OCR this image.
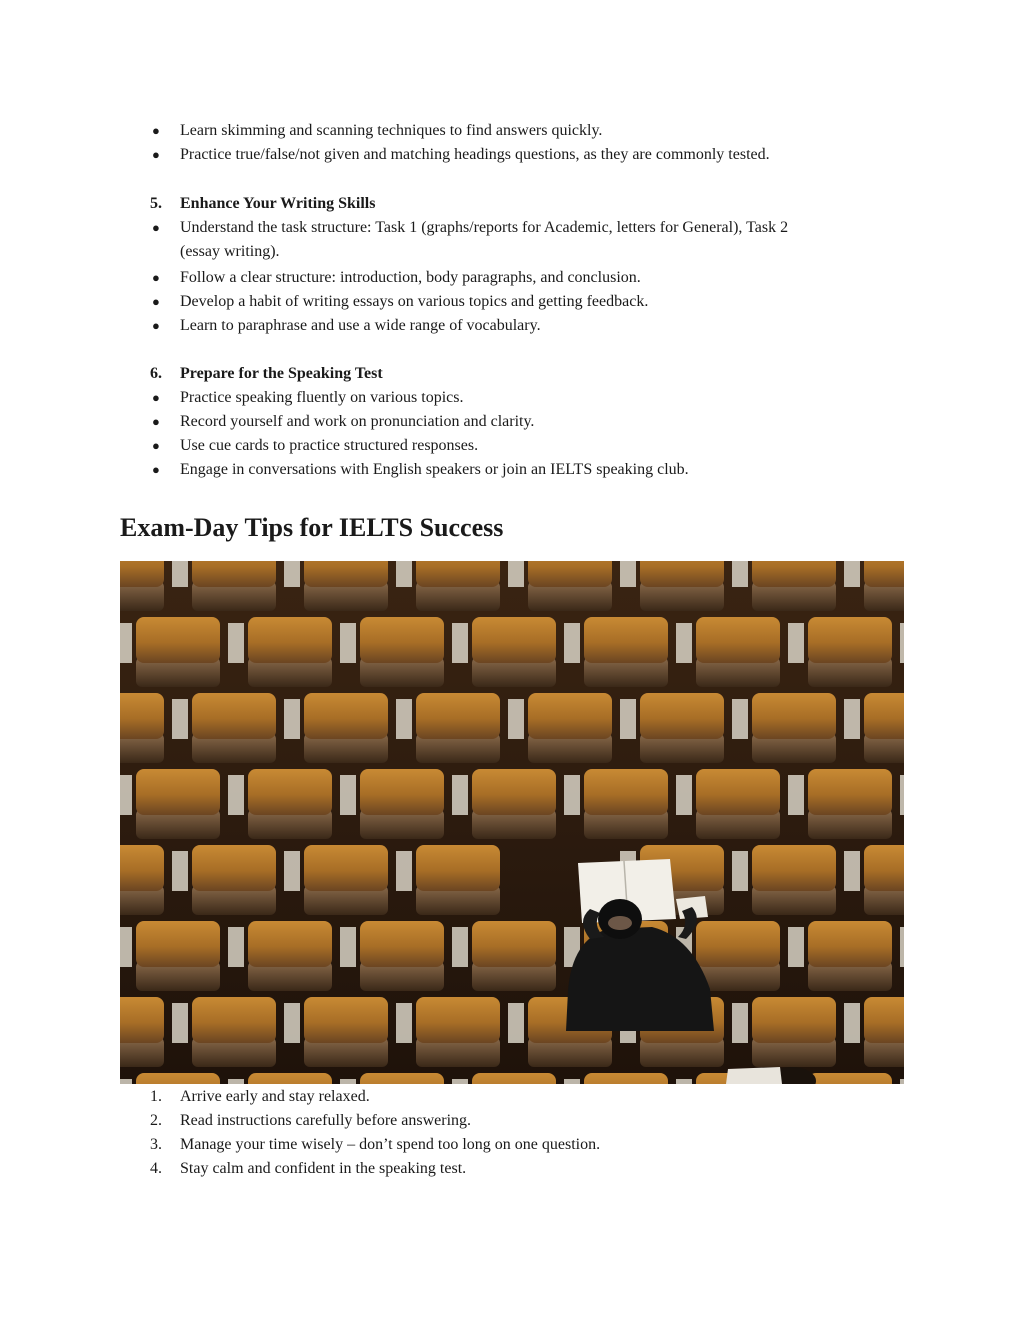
●	Learn skimming and scanning techniques to find answers quickly.
●	Practice true/false/not given and matching headings questions, as they are commonly tested.
5.	Enhance Your Writing Skills
●	Understand the task structure: Task 1 (graphs/reports for Academic, letters for General), Task 2
(essay writing).
●	Follow a clear structure: introduction, body paragraphs, and conclusion.
●	Develop a habit of writing essays on various topics and getting feedback.
●	Learn to paraphrase and use a wide range of vocabulary.
6.	Prepare for the Speaking Test
●	Practice speaking fluently on various topics.
●	Record yourself and work on pronunciation and clarity.
●	Use cue cards to practice structured responses.
●	Engage in conversations with English speakers or join an IELTS speaking club.
Exam-Day Tips for IELTS Success
1.	Arrive early and stay relaxed.
2.	Read instructions carefully before answering.
3.	Manage your time wisely – don’t spend too long on one question.
4.	Stay calm and confident in the speaking test.
